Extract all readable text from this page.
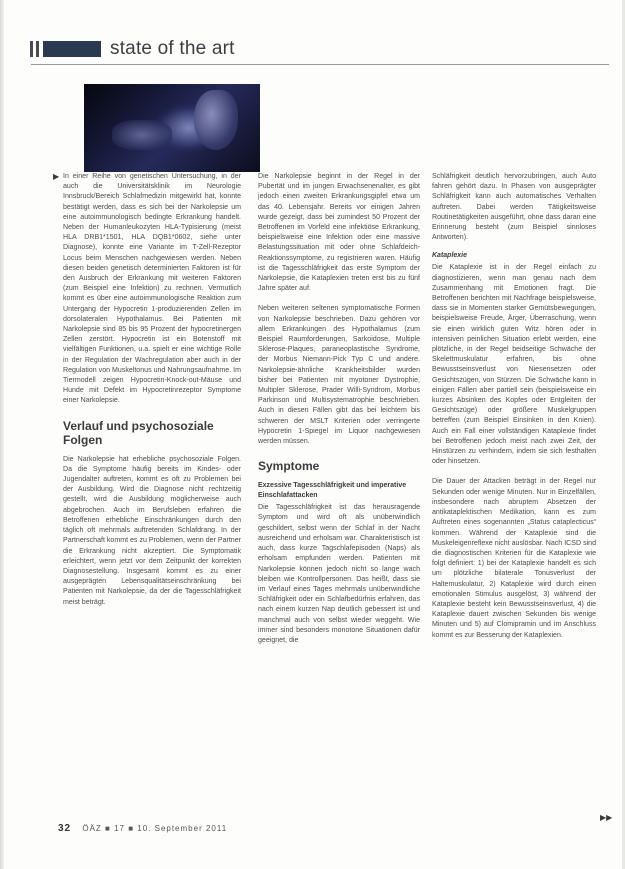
state of the art
▶ In einer Reihe von genetischen Untersuchung, in der auch die Universitätsklinik im Neurologie Innsbruck/Bereich Schlafmedizin mitgewirkt hat, konnte bestätigt werden, dass es sich bei der Narkolepsie um eine autoimmunologisch bedingte Erkrankung handelt. Neben der Humanleukozyten HLA-Typisierung (meist HLA DRB1*1501, HLA DQB1*0602, siehe unter Diagnose), konnte eine Variante im T-Zell-Rezeptor Locus beim Menschen nachgewiesen werden. Neben diesen beiden genetisch determinierten Faktoren ist für den Ausbruch der Erkrankung mit weiteren Faktoren (zum Beispiel eine Infektion) zu rechnen. Vermutlich kommt es über eine autoimmunologische Reaktion zum Untergang der Hypocretin 1-produzierenden Zellen im dorsolateralen Hypothalamus. Bei Patienten mit Narkolepsie sind 85 bis 95 Prozent der hypocretinergen Zellen zerstört. Hypocretin ist ein Botenstoff mit vielfältigen Funktionen, u.a. spielt er eine wichtige Rolle in der Regulation der Wachregulation aber auch in der Regulation von Muskeltonus und Nahrungsaufnahme. Im Tiermodell zeigen Hypocretin-Knock-out-Mäuse und Hunde mit Defekt im Hypocretinrezeptor Symptome einer Narkolepsie.

Verlauf und psychosoziale Folgen

Die Narkolepsie hat erhebliche psychosoziale Folgen. Da die Symptome häufig bereits im Kindes- oder Jugendalter auftreten, kommt es oft zu Problemen bei der Ausbildung. Wird die Diagnose nicht rechtzeitig gestellt, wird die Ausbildung möglicherweise auch abgebrochen. Auch im Berufsleben erfahren die Betroffenen erhebliche Einschränkungen durch den täglich oft mehrmals auftretenden Schlafdrang. In der Partnerschaft kommt es zu Problemen, wenn der Partner die Erkrankung nicht akzeptiert. Die Symptomatik erleichtert, wenn jetzt vor dem Zeitpunkt der korrekten Diagnosestellung. Insgesamt kommt es zu einer ausgeprägten Lebensqualitätseinschränkung bei Patienten mit Narkolepsie, da der die Tagesschläfrigkeit meist beträgt.

Die Narkolepsie beginnt in der Regel in der Pubertät und im jungen Erwachsenenalter, es gibt jedoch einen zweiten Erkrankungsgipfel etwa um das 40. Lebensjahr. Bereits vor einigen Jahren wurde gezeigt, dass bei zumindest 50 Prozent der Betroffenen im Vorfeld eine infektiöse Erkrankung, beispielsweise eine Infektion oder eine massive Belastungssituation mit oder ohne Schlafdeich-Reaktionssymptome, zu registrieren waren. Häufig ist die Tagesschläfrigkeit das erste Symptom der Narkolepsie, die Kataplexien treten erst bis zu fünf Jahre später auf.

Neben weiteren seltenen symptomatische Formen von Narkolepsie beschrieben. Dazu gehören vor allem Erkrankungen des Hypothalamus (zum Beispiel Raumforderungen, Sarkoidose, Multiple Sklerose-Plaques, paraneoplastische Syndrome, der Morbus Niemann-Pick Typ C und andere. Narkolepsie-ähnliche Krankheitsbilder wurden bisher bei Patienten mit myotoner Dystrophie, Multipler Sklerose, Prader Willi-Syndrom, Morbus Parkinson und Multisystematrophie beschrieben. Auch in diesen Fällen gibt das bei leichtem bis schweren der MSLT Kriterien oder verringerte Hypocretin 1-Spiegel im Liquor nachgewiesen werden müssen.

Symptome
Exzessive Tagesschläfrigkeit und imperative Einschlafattacken

Die Tagesschläfrigkeit ist das herausragende Symptom und wird oft als unüberwindlich geschildert, selbst wenn der Schlaf in der Nacht ausreichend und erholsam war. Charakteristisch ist auch, dass kurze Tagschlafepisoden (Naps) als erholsam empfunden werden. Patienten mit Narkolepsie können jedoch nicht so lange wach bleiben wie Kontrollpersonen. Das heißt, dass sie im Verlauf eines Tages mehrmals unüberwindliche Schläfrigkeit oder ein Schlafbedürfnis erfahren, das nach einem kurzen Nap deutlich gebessert ist und manchmal auch von selbst wieder weggeht. Wie immer sind besonders monotone Situationen dafür geeignet, die

Schläfrigkeit deutlich hervorzubringen, auch Auto fahren gehört dazu. In Phasen von ausgeprägter Schläfrigkeit kann auch automatisches Verhalten auftreten. Dabei werden Tätigkeitsweise Routinetätigkeiten ausgeführt, ohne dass daran eine Erinnerung besteht (zum Beispiel sinnloses Antworten).

Kataplexie

Die Kataplexie ist in der Regel einfach zu diagnostizieren, wenn man genau nach dem Zusammenhang mit Emotionen fragt. Die Betroffenen berichten mit Nachfrage beispielsweise, dass sie in Momenten starker Gemütsbewegungen, beispielsweise Freude, Ärger, Überraschung, wenn sie einen wirklich guten Witz hören oder in intensiven peinlichen Situation erlebt werden, eine plötzliche, in der Regel beidseitige Schwäche der Skelettmuskulatur erfahren, bis ohne Bewusstseinsverlust von Niesensetzen oder Gesichtszügen, von Stürzen. Die Schwäche kann in einigen Fällen aber partiell sein (beispielsweise ein kurzes Absinken des Kopfes oder Entgleiten der Gesichtszüge) oder größere Muskelgruppen betreffen (zum Beispiel Einsinken in den Knien). Auch ein Fall einer vollständigen Kataplexie findet bei Betroffenen jedoch meist nach zwei Zeit, der Hinstürzen zu verhindern, indem sie sich festhalten oder hinsetzen.

Die Dauer der Attacken beträgt in der Regel nur Sekunden oder wenige Minuten. Nur in Einzelfällen, insbesondere nach abruptem Absetzen der antikataplektischen Medikation, kann es zum Auftreten eines sogenannten „Status cataplecticus“ kommen. Während der Kataplexie sind die Muskeleigenreflexe nicht auslösbar. Nach ICSD sind die diagnostischen Kriterien für die Kataplexie wie folgt definiert: 1) bei der Kataplexie handelt es sich um plötzliche bilaterale Tonusverlust der Haltemuskulatur, 2) Kataplexie wird durch einen emotionalen Stimulus ausgelöst, 3) während der Kataplexie besteht kein Bewusstseinsverlust, 4) die Kataplexie dauert zwischen Sekunden bis wenige Minuten und 5) auf Clomipramin und im Anschluss kommt es zur Besserung der Kataplexien.

▶▶
32 ÖÄZ ■ 17 ■ 10. September 2011
